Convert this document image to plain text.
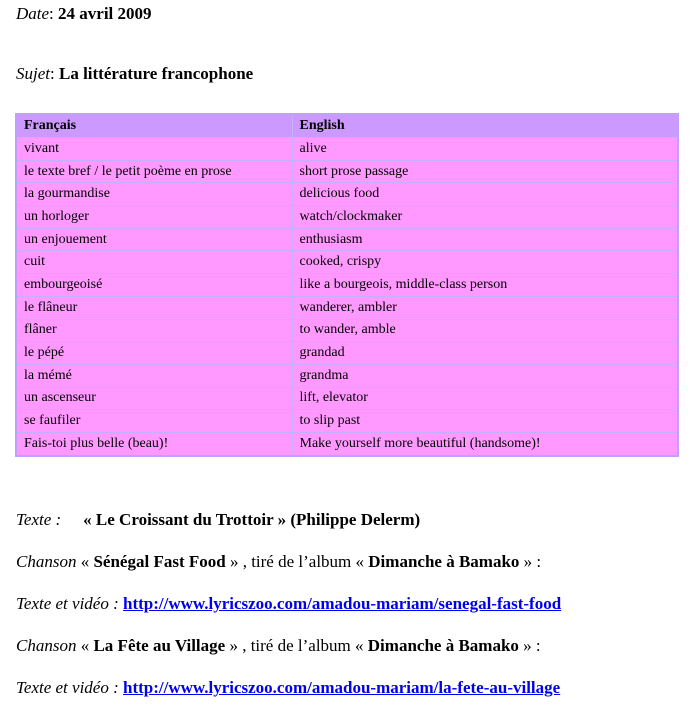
Date: 24 avril 2009
Sujet: La littérature francophone
Français	English
vivant	alive
le texte bref / le petit poème en prose	short prose passage
la gourmandise	delicious food
un horloger	watch/clockmaker
un enjouement	enthusiasm
cuit	cooked, crispy
embourgeoisé	like a bourgeois, middle-class person
le flâneur	wanderer, ambler
flâner	to wander, amble
le pépé	grandad
la mémé	grandma
un ascenseur	lift, elevator
se faufiler	to slip past
Fais-toi plus belle (beau)!	Make yourself more beautiful (handsome)!
Texte : « Le Croissant du Trottoir » (Philippe Delerm)
Chanson « Sénégal Fast Food » , tiré de l’album « Dimanche à Bamako » :
Texte et vidéo : http://www.lyricszoo.com/amadou-mariam/senegal-fast-food
Chanson « La Fête au Village » , tiré de l’album « Dimanche à Bamako » :
Texte et vidéo : http://www.lyricszoo.com/amadou-mariam/la-fete-au-village
